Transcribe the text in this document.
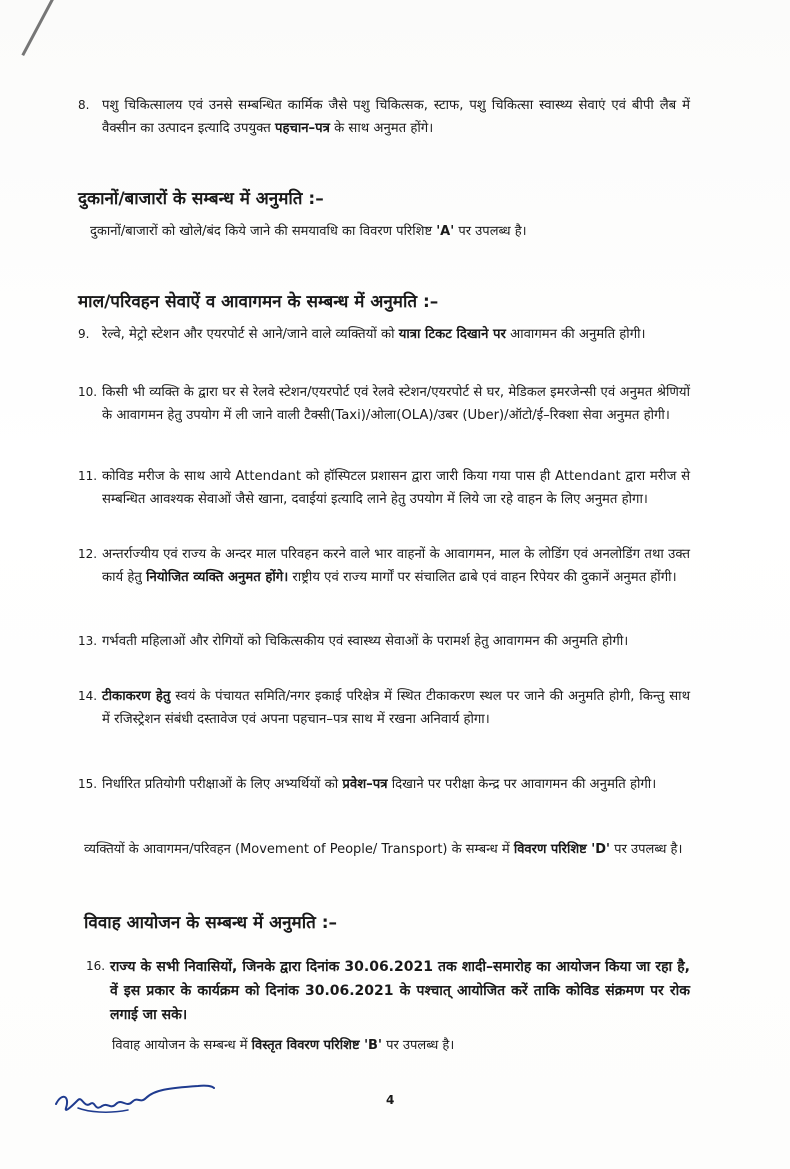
8. पशु चिकित्सालय एवं उनसे सम्बन्धित कार्मिक जैसे पशु चिकित्सक, स्टाफ, पशु चिकित्सा स्वास्थ्य सेवाएं एवं बीपी लैब में वैक्सीन का उत्पादन इत्यादि उपयुक्त पहचान–पत्र के साथ अनुमत होंगे।
दुकानों/बाजारों के सम्बन्ध में अनुमति :–
दुकानों/बाजारों को खोले/बंद किये जाने की समयावधि का विवरण परिशिष्ट 'A' पर उपलब्ध है।
माल/परिवहन सेवाऐं व आवागमन के सम्बन्ध में अनुमति :–
9. रेल्वे, मेट्रो स्टेशन और एयरपोर्ट से आने/जाने वाले व्यक्तियों को यात्रा टिकट दिखाने पर आवागमन की अनुमति होगी।
10. किसी भी व्यक्ति के द्वारा घर से रेलवे स्टेशन/एयरपोर्ट एवं रेलवे स्टेशन/एयरपोर्ट से घर, मेडिकल इमरजेन्सी एवं अनुमत श्रेणियों के आवागमन हेतु उपयोग में ली जाने वाली टैक्सी(Taxi)/ओला(OLA)/उबर (Uber)/ऑटो/ई–रिक्शा सेवा अनुमत होगी।
11. कोविड मरीज के साथ आये Attendant को हॉस्पिटल प्रशासन द्वारा जारी किया गया पास ही Attendant द्वारा मरीज से सम्बन्धित आवश्यक सेवाओं जैसे खाना, दवाईयां इत्यादि लाने हेतु उपयोग में लिये जा रहे वाहन के लिए अनुमत होगा।
12. अन्तर्राज्यीय एवं राज्य के अन्दर माल परिवहन करने वाले भार वाहनों के आवागमन, माल के लोडिंग एवं अनलोडिंग तथा उक्त कार्य हेतु नियोजित व्यक्ति अनुमत होंगे। राष्ट्रीय एवं राज्य मार्गों पर संचालित ढाबे एवं वाहन रिपेयर की दुकानें अनुमत होंगी।
13. गर्भवती महिलाओं और रोगियों को चिकित्सकीय एवं स्वास्थ्य सेवाओं के परामर्श हेतु आवागमन की अनुमति होगी।
14. टीकाकरण हेतु स्वयं के पंचायत समिति/नगर इकाई परिक्षेत्र में स्थित टीकाकरण स्थल पर जाने की अनुमति होगी, किन्तु साथ में रजिस्ट्रेशन संबंधी दस्तावेज एवं अपना पहचान–पत्र साथ में रखना अनिवार्य होगा।
15. निर्धारित प्रतियोगी परीक्षाओं के लिए अभ्यर्थियों को प्रवेश–पत्र दिखाने पर परीक्षा केन्द्र पर आवागमन की अनुमति होगी।
व्यक्तियों के आवागमन/परिवहन (Movement of People/ Transport) के सम्बन्ध में विवरण परिशिष्ट 'D' पर उपलब्ध है।
विवाह आयोजन के सम्बन्ध में अनुमति :–
16. राज्य के सभी निवासियों, जिनके द्वारा दिनांक 30.06.2021 तक शादी–समारोह का आयोजन किया जा रहा है, वें इस प्रकार के कार्यक्रम को दिनांक 30.06.2021 के पश्चात् आयोजित करें ताकि कोविड संक्रमण पर रोक लगाई जा सके।
विवाह आयोजन के सम्बन्ध में विस्तृत विवरण परिशिष्ट 'B' पर उपलब्ध है।
4
